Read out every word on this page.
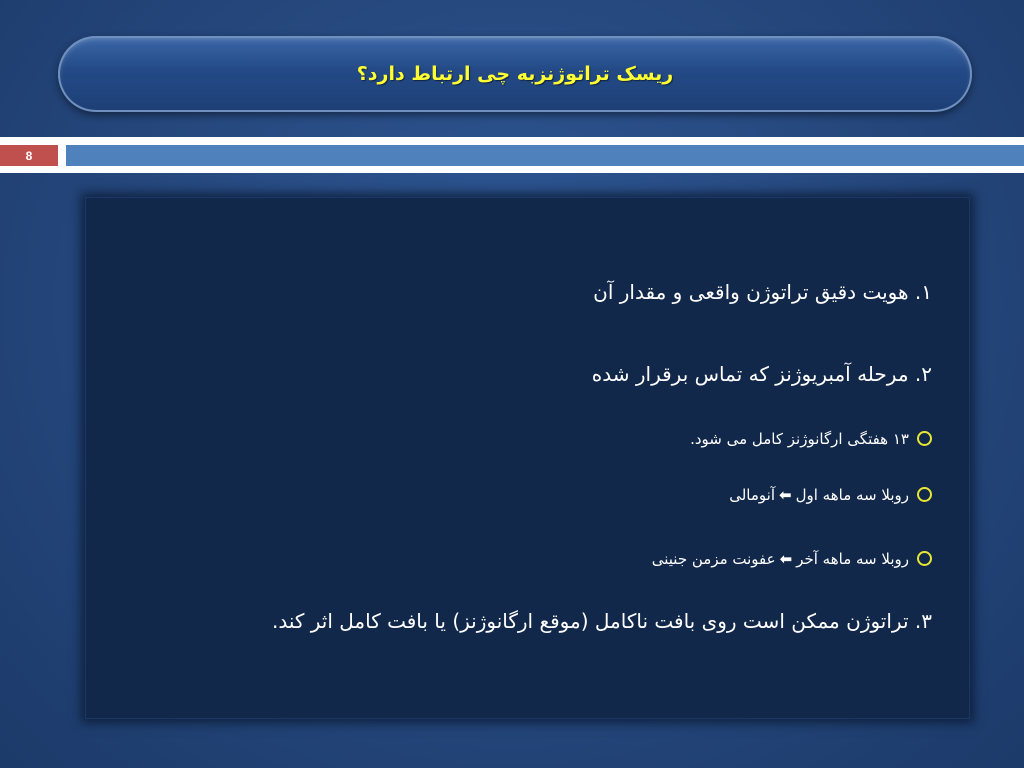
ریسک تراتوژنزبه چی ارتباط دارد؟
8
۱. هویت دقیق تراتوژن واقعی و مقدار آن
۲. مرحله آمبریوژنز که تماس برقرار شده
۱۳ هفتگی ارگانوژنز کامل می شود.
روبلا سه ماهه اول⬅آنومالی
روبلا سه ماهه آخر⬅عفونت مزمن جنینی
۳. تراتوژن ممکن است روی بافت ناکامل (موقع ارگانوژنز) یا بافت کامل اثر کند.
